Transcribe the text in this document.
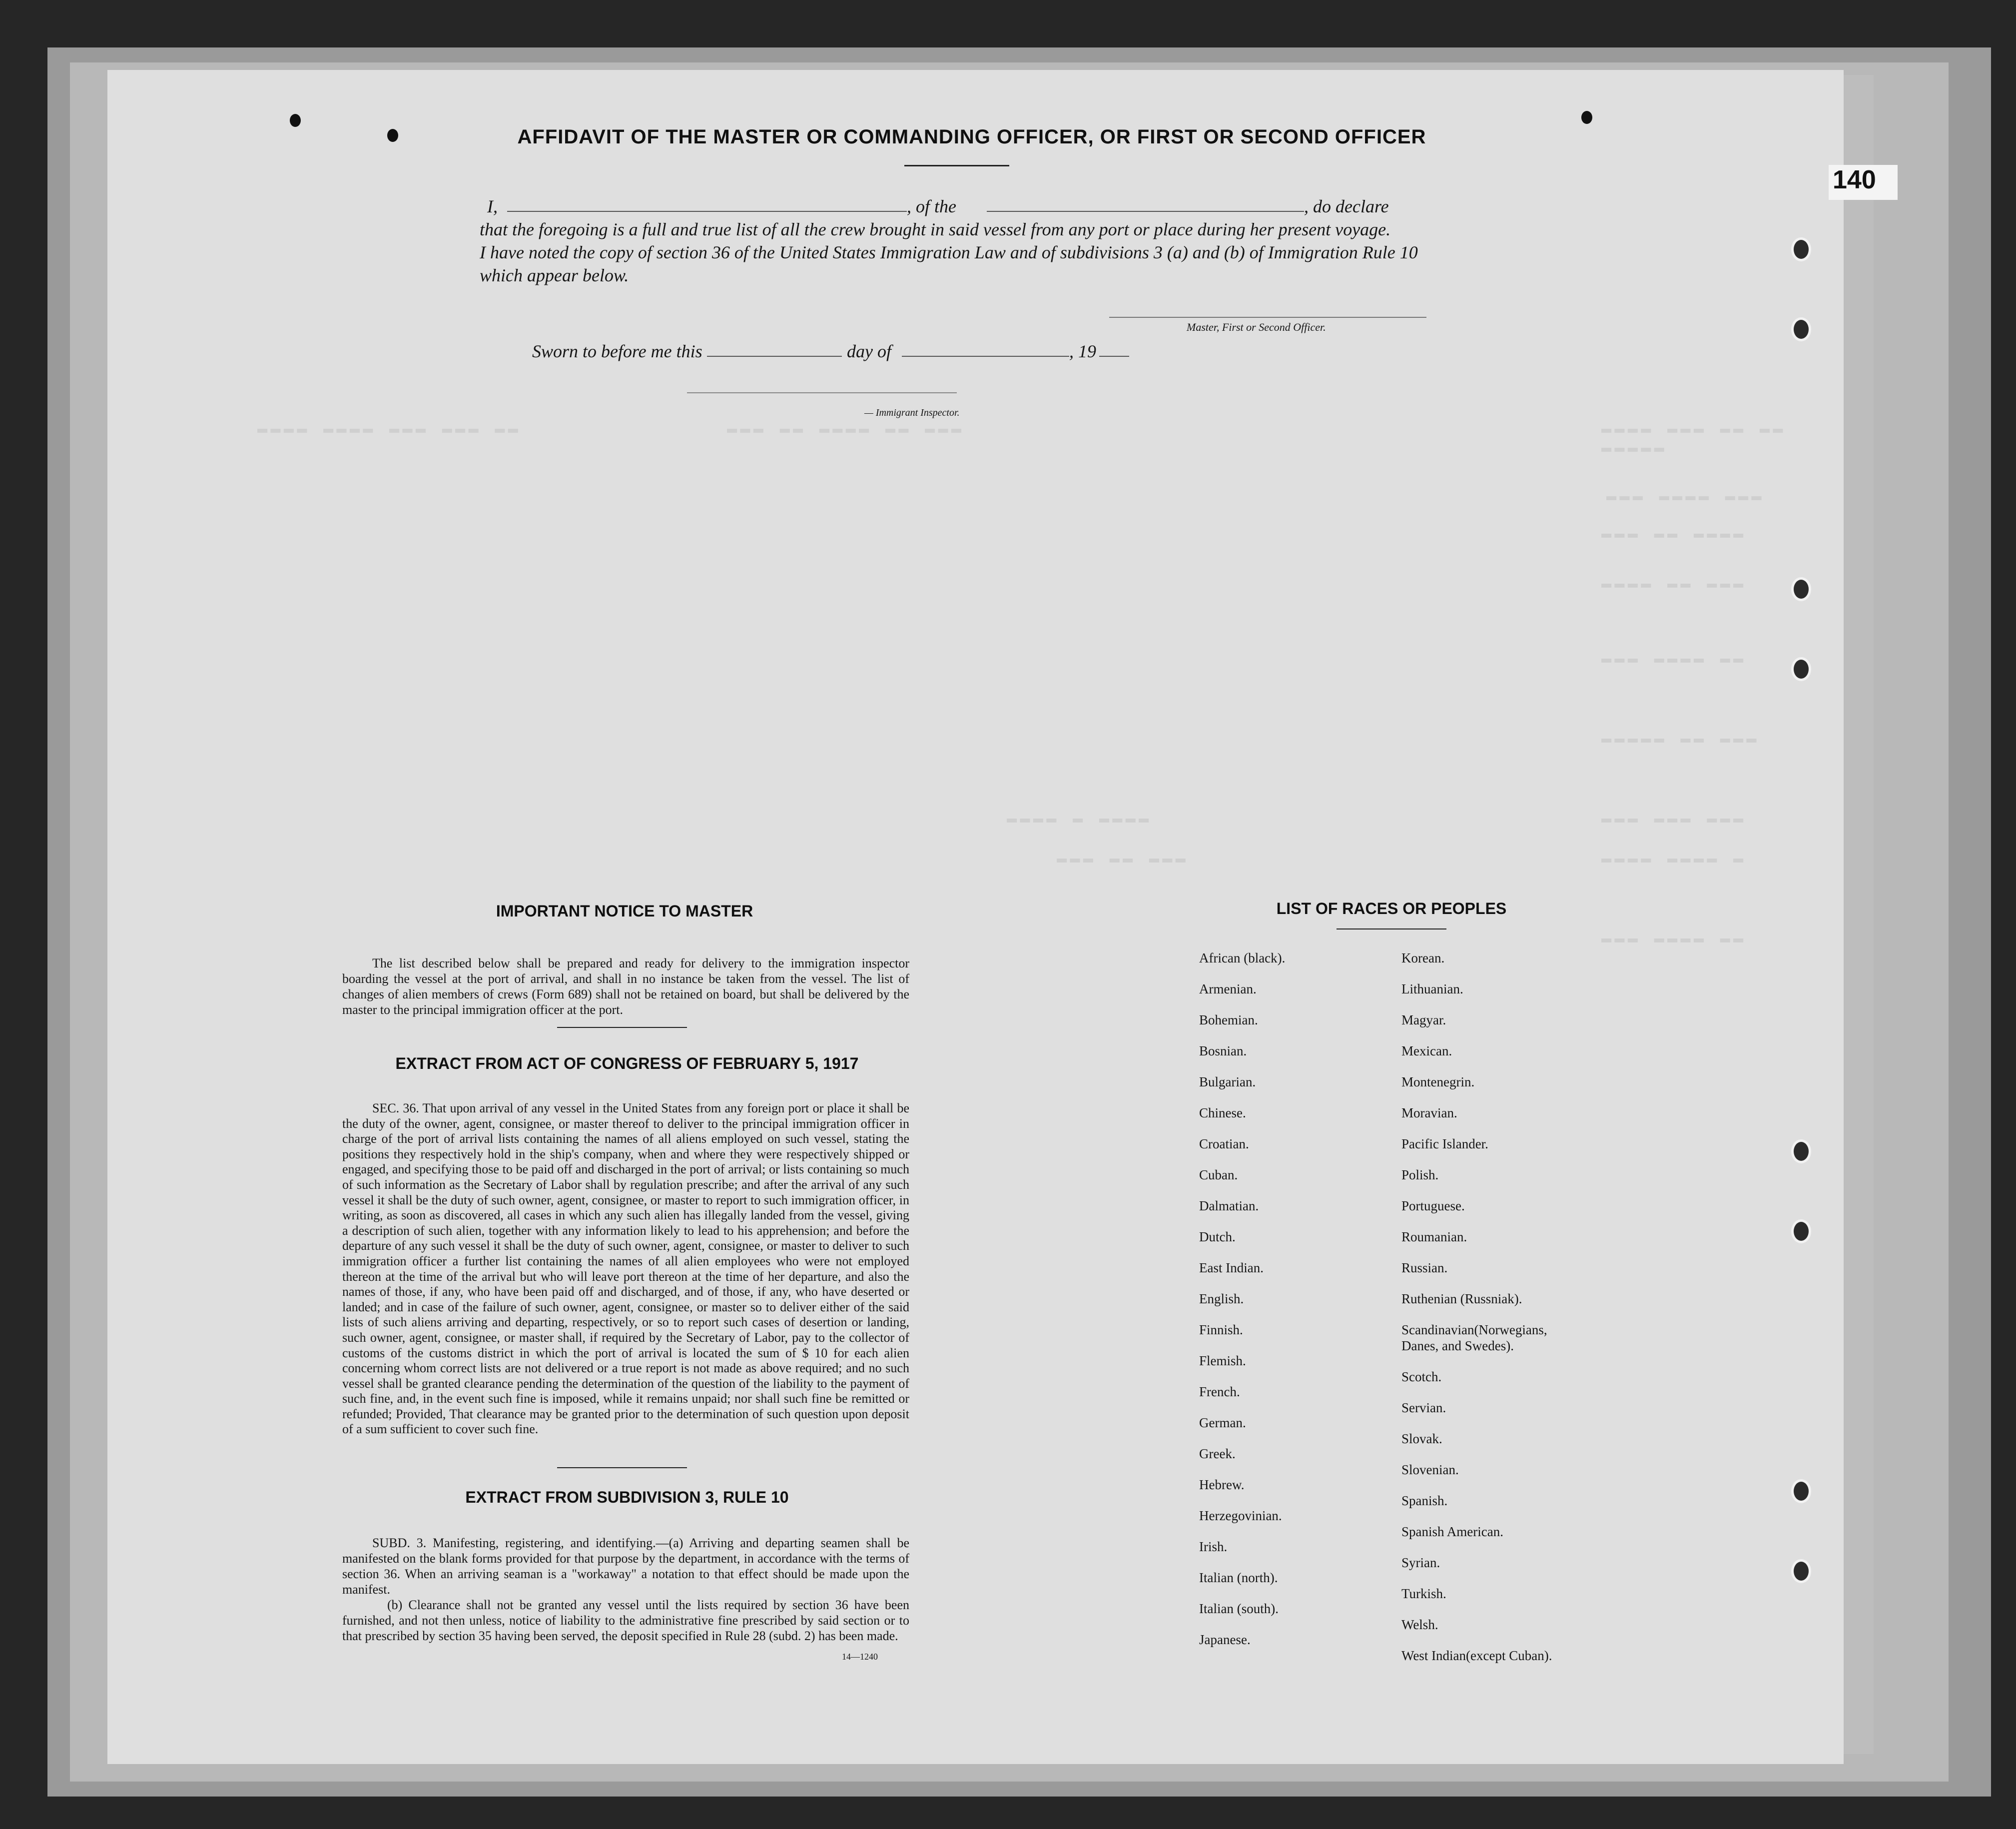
▬▬▬▬ ▬▬▬ ▬▬ ▬▬ ▬▬▬▬▬
▬▬▬ ▬▬ ▬▬▬▬ ▬▬ ▬▬▬
▬▬▬▬ ▬▬▬▬ ▬▬▬ ▬▬▬ ▬▬
▬▬▬ ▬▬▬▬ ▬▬▬
▬▬▬ ▬▬ ▬▬▬▬
▬▬▬▬ ▬▬ ▬▬▬
▬▬▬ ▬▬▬▬ ▬▬
▬▬▬▬▬ ▬▬ ▬▬▬
▬▬▬ ▬▬▬ ▬▬▬
▬▬▬▬ ▬ ▬▬▬▬
▬▬▬▬ ▬▬▬▬ ▬
▬▬▬ ▬▬ ▬▬▬
▬▬▬ ▬▬▬▬ ▬▬
AFFIDAVIT OF THE MASTER OR COMMANDING OFFICER, OR FIRST OR SECOND OFFICER
I,	, of the	, do declare
that the foregoing is a full and true list of all the crew brought in said vessel from any port or place during her present voyage.
I have noted the copy of section 36 of the United States Immigration Law and of subdivisions 3 (a) and (b) of Immigration Rule 10
which appear below.
Master, First or Second Officer.
Sworn to before me this	day of	, 19
— Immigrant Inspector.
IMPORTANT NOTICE TO MASTER
The list described below shall be prepared and ready for delivery to the immigration inspector boarding the vessel at the port of arrival, and shall in no instance be taken from the vessel. The list of changes of alien members of crews (Form 689) shall not be retained on board, but shall be delivered by the master to the principal immigration officer at the port.
EXTRACT FROM ACT OF CONGRESS OF FEBRUARY 5, 1917
SEC. 36. That upon arrival of any vessel in the United States from any foreign port or place it shall be the duty of the owner, agent, consignee, or master thereof to deliver to the principal immigration officer in charge of the port of arrival lists containing the names of all aliens employed on such vessel, stating the positions they respectively hold in the ship's company, when and where they were respectively shipped or engaged, and specifying those to be paid off and discharged in the port of arrival; or lists containing so much of such information as the Secretary of Labor shall by regulation prescribe; and after the arrival of any such vessel it shall be the duty of such owner, agent, consignee, or master to report to such immigration officer, in writing, as soon as discovered, all cases in which any such alien has illegally landed from the vessel, giving a description of such alien, together with any information likely to lead to his apprehension; and before the departure of any such vessel it shall be the duty of such owner, agent, consignee, or master to deliver to such immigration officer a further list containing the names of all alien employees who were not employed thereon at the time of the arrival but who will leave port thereon at the time of her departure, and also the names of those, if any, who have been paid off and discharged, and of those, if any, who have deserted or landed; and in case of the failure of such owner, agent, consignee, or master so to deliver either of the said lists of such aliens arriving and departing, respectively, or so to report such cases of desertion or landing, such owner, agent, consignee, or master shall, if required by the Secretary of Labor, pay to the collector of customs of the customs district in which the port of arrival is located the sum of $ 10 for each alien concerning whom correct lists are not delivered or a true report is not made as above required; and no such vessel shall be granted clearance pending the determination of the question of the liability to the payment of such fine, and, in the event such fine is imposed, while it remains unpaid; nor shall such fine be remitted or refunded; Provided, That clearance may be granted prior to the determination of such question upon deposit of a sum sufficient to cover such fine.
EXTRACT FROM SUBDIVISION 3, RULE 10
SUBD. 3. Manifesting, registering, and identifying.—(a) Arriving and departing seamen shall be manifested on the blank forms provided for that purpose by the department, in accordance with the terms of section 36. When an arriving seaman is a "workaway" a notation to that effect should be made upon the manifest.
(b) Clearance shall not be granted any vessel until the lists required by section 36 have been furnished, and not then unless, notice of liability to the administrative fine prescribed by said section or to that prescribed by section 35 having been served, the deposit specified in Rule 28 (subd. 2) has been made.
14—1240
LIST OF RACES OR PEOPLES
African (black).
Armenian.
Bohemian.
Bosnian.
Bulgarian.
Chinese.
Croatian.
Cuban.
Dalmatian.
Dutch.
East Indian.
English.
Finnish.
Flemish.
French.
German.
Greek.
Hebrew.
Herzegovinian.
Irish.
Italian (north).
Italian (south).
Japanese.
Korean.
Lithuanian.
Magyar.
Mexican.
Montenegrin.
Moravian.
Pacific Islander.
Polish.
Portuguese.
Roumanian.
Russian.
Ruthenian (Russniak).
Scandinavian(Norwegians,
Danes, and Swedes).
Scotch.
Servian.
Slovak.
Slovenian.
Spanish.
Spanish American.
Syrian.
Turkish.
Welsh.
West Indian(except Cuban).
140
